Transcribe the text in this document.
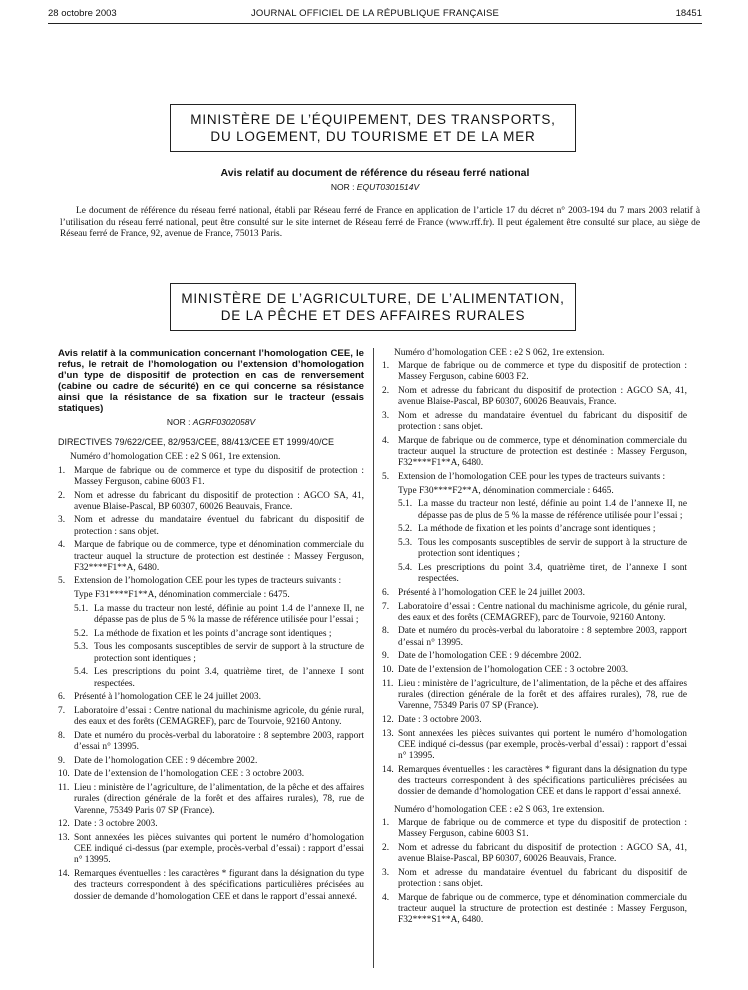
28 octobre 2003	JOURNAL OFFICIEL DE LA RÉPUBLIQUE FRANÇAISE	18451
MINISTÈRE DE L’ÉQUIPEMENT, DES TRANSPORTS,
DU LOGEMENT, DU TOURISME ET DE LA MER
Avis relatif au document de référence du réseau ferré national
NOR : EQUT0301514V

Le document de référence du réseau ferré national, établi par Réseau ferré de France en application de l’article 17 du décret n° 2003-194 du 7 mars 2003 relatif à l’utilisation du réseau ferré national, peut être consulté sur le site internet de Réseau ferré de France (www.rff.fr). Il peut également être consulté sur place, au siège de Réseau ferré de France, 92, avenue de France, 75013 Paris.

MINISTÈRE DE L’AGRICULTURE, DE L’ALIMENTATION,
DE LA PÊCHE ET DES AFFAIRES RURALES
Avis relatif à la communication concernant l’homologation CEE, le refus, le retrait de l’homologation ou l’extension d’homologation d’un type de dispositif de protection en cas de renversement (cabine ou cadre de sécurité) en ce qui concerne sa résistance ainsi que la résistance de sa fixation sur le tracteur (essais statiques)
NOR : AGRF0302058V
DIRECTIVES 79/622/CEE, 82/953/CEE, 88/413/CEE ET 1999/40/CE
Numéro d’homologation CEE : e2 S 061, 1re extension.
1. Marque de fabrique ou de commerce et type du dispositif de protection : Massey Ferguson, cabine 6003 F1.
2. Nom et adresse du fabricant du dispositif de protection : AGCO SA, 41, avenue Blaise-Pascal, BP 60307, 60026 Beauvais, France.
3. Nom et adresse du mandataire éventuel du fabricant du dispositif de protection : sans objet.
4. Marque de fabrique ou de commerce, type et dénomination commerciale du tracteur auquel la structure de protection est destinée : Massey Ferguson, F32****F1**A, 6480.
5. Extension de l’homologation CEE pour les types de tracteurs suivants :
Type F31****F1**A, dénomination commerciale : 6475.
5.1. La masse du tracteur non lesté, définie au point 1.4 de l’annexe II, ne dépasse pas de plus de 5 % la masse de référence utilisée pour l’essai ;
5.2. La méthode de fixation et les points d’ancrage sont identiques ;
5.3. Tous les composants susceptibles de servir de support à la structure de protection sont identiques ;
5.4. Les prescriptions du point 3.4, quatrième tiret, de l’annexe I sont respectées.
6. Présenté à l’homologation CEE le 24 juillet 2003.
7. Laboratoire d’essai : Centre national du machinisme agricole, du génie rural, des eaux et des forêts (CEMAGREF), parc de Tourvoie, 92160 Antony.
8. Date et numéro du procès-verbal du laboratoire : 8 septembre 2003, rapport d’essai n° 13995.
9. Date de l’homologation CEE : 9 décembre 2002.
10. Date de l’extension de l’homologation CEE : 3 octobre 2003.
11. Lieu : ministère de l’agriculture, de l’alimentation, de la pêche et des affaires rurales (direction générale de la forêt et des affaires rurales), 78, rue de Varenne, 75349 Paris 07 SP (France).
12. Date : 3 octobre 2003.
13. Sont annexées les pièces suivantes qui portent le numéro d’homologation CEE indiqué ci-dessus (par exemple, procès-verbal d’essai) : rapport d’essai n° 13995.
14. Remarques éventuelles : les caractères * figurant dans la désignation du type des tracteurs correspondent à des spécifications particulières précisées au dossier de demande d’homologation CEE et dans le rapport d’essai annexé.
Numéro d’homologation CEE : e2 S 062, 1re extension.
1. Marque de fabrique ou de commerce et type du dispositif de protection : Massey Ferguson, cabine 6003 F2.
2. Nom et adresse du fabricant du dispositif de protection : AGCO SA, 41, avenue Blaise-Pascal, BP 60307, 60026 Beauvais, France.
3. Nom et adresse du mandataire éventuel du fabricant du dispositif de protection : sans objet.
4. Marque de fabrique ou de commerce, type et dénomination commerciale du tracteur auquel la structure de protection est destinée : Massey Ferguson, F32****F1**A, 6480.
5. Extension de l’homologation CEE pour les types de tracteurs suivants :
Type F30****F2**A, dénomination commerciale : 6465.
5.1. La masse du tracteur non lesté, définie au point 1.4 de l’annexe II, ne dépasse pas de plus de 5 % la masse de référence utilisée pour l’essai ;
5.2. La méthode de fixation et les points d’ancrage sont identiques ;
5.3. Tous les composants susceptibles de servir de support à la structure de protection sont identiques ;
5.4. Les prescriptions du point 3.4, quatrième tiret, de l’annexe I sont respectées.
6. Présenté à l’homologation CEE le 24 juillet 2003.
7. Laboratoire d’essai : Centre national du machinisme agricole, du génie rural, des eaux et des forêts (CEMAGREF), parc de Tourvoie, 92160 Antony.
8. Date et numéro du procès-verbal du laboratoire : 8 septembre 2003, rapport d’essai n° 13995.
9. Date de l’homologation CEE : 9 décembre 2002.
10. Date de l’extension de l’homologation CEE : 3 octobre 2003.
11. Lieu : ministère de l’agriculture, de l’alimentation, de la pêche et des affaires rurales (direction générale de la forêt et des affaires rurales), 78, rue de Varenne, 75349 Paris 07 SP (France).
12. Date : 3 octobre 2003.
13. Sont annexées les pièces suivantes qui portent le numéro d’homologation CEE indiqué ci-dessus (par exemple, procès-verbal d’essai) : rapport d’essai n° 13995.
14. Remarques éventuelles : les caractères * figurant dans la désignation du type des tracteurs correspondent à des spécifications particulières précisées au dossier de demande d’homologation CEE et dans le rapport d’essai annexé.
Numéro d’homologation CEE : e2 S 063, 1re extension.
1. Marque de fabrique ou de commerce et type du dispositif de protection : Massey Ferguson, cabine 6003 S1.
2. Nom et adresse du fabricant du dispositif de protection : AGCO SA, 41, avenue Blaise-Pascal, BP 60307, 60026 Beauvais, France.
3. Nom et adresse du mandataire éventuel du fabricant du dispositif de protection : sans objet.
4. Marque de fabrique ou de commerce, type et dénomination commerciale du tracteur auquel la structure de protection est destinée : Massey Ferguson, F32****S1**A, 6480.
